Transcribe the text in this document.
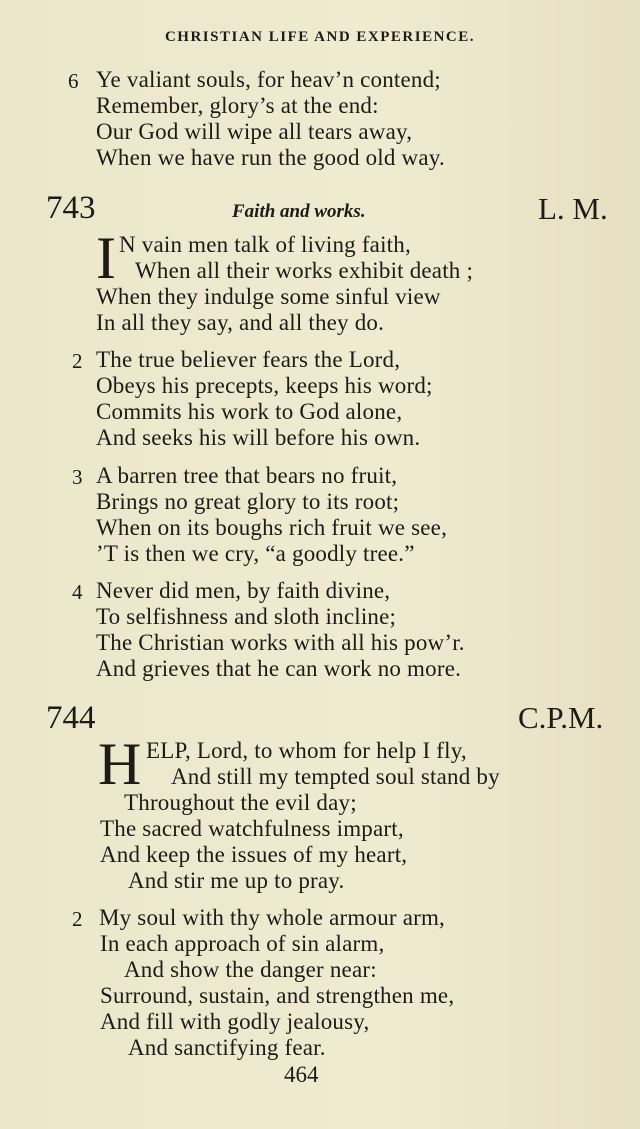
CHRISTIAN LIFE AND EXPERIENCE.
6 Ye valiant souls, for heav’n contend;
Remember, glory’s at the end:
Our God will wipe all tears away,
When we have run the good old way.
743	Faith and works.	L. M.
I N vain men talk of living faith,
When all their works exhibit death ;
When they indulge some sinful view
In all they say, and all they do.
2 The true believer fears the Lord,
Obeys his precepts, keeps his word;
Commits his work to God alone,
And seeks his will before his own.
3 A barren tree that bears no fruit,
Brings no great glory to its root;
When on its boughs rich fruit we see,
’T is then we cry, “a goodly tree.”
4 Never did men, by faith divine,
To selfishness and sloth incline;
The Christian works with all his pow’r.
And grieves that he can work no more.
744	C.P.M.
H ELP, Lord, to whom for help I fly,
And still my tempted soul stand by
Throughout the evil day;
The sacred watchfulness impart,
And keep the issues of my heart,
And stir me up to pray.
2 My soul with thy whole armour arm,
In each approach of sin alarm,
And show the danger near:
Surround, sustain, and strengthen me,
And fill with godly jealousy,
And sanctifying fear.
464
